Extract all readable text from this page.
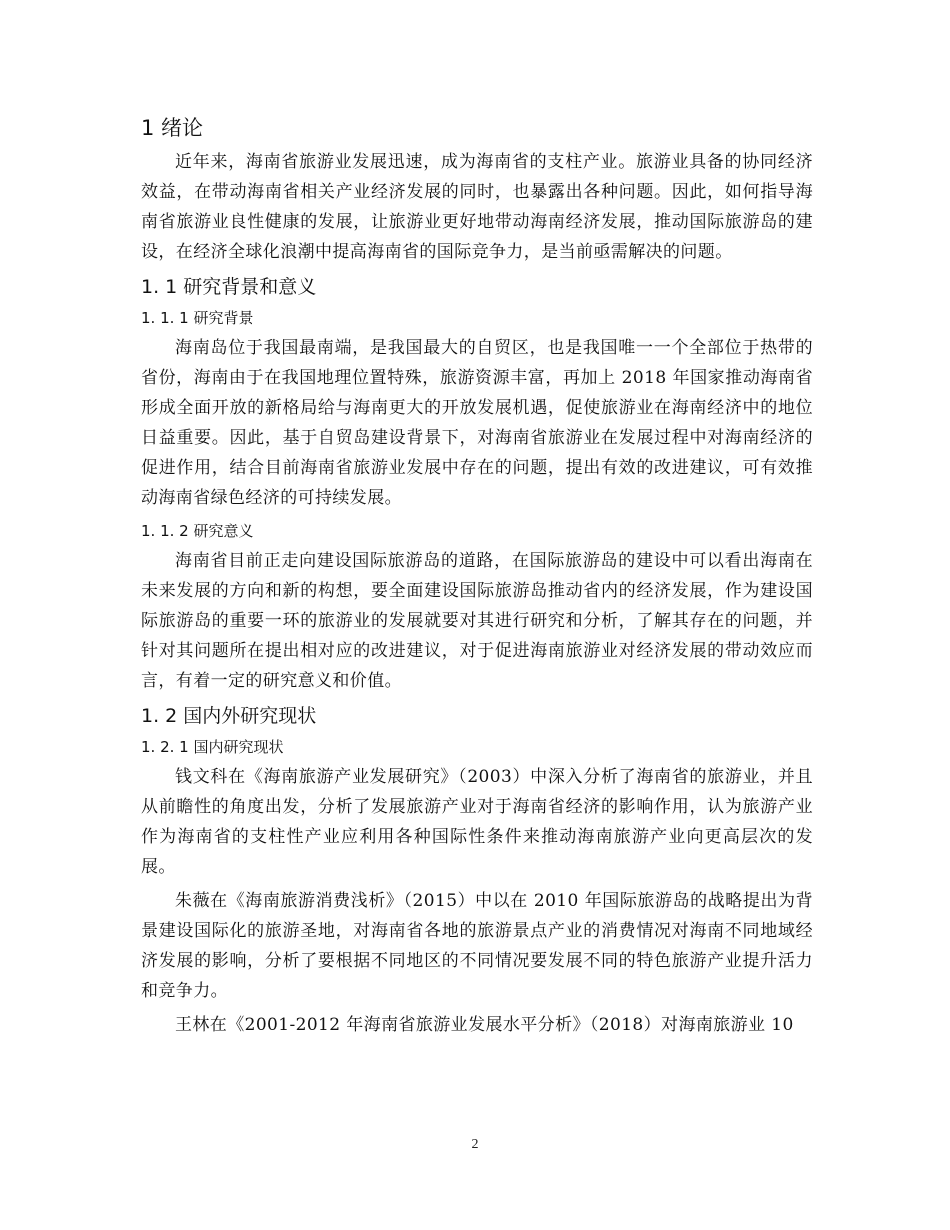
1 绪论

近年来，海南省旅游业发展迅速，成为海南省的支柱产业。旅游业具备的协同经济效益，在带动海南省相关产业经济发展的同时，也暴露出各种问题。因此，如何指导海南省旅游业良性健康的发展，让旅游业更好地带动海南经济发展，推动国际旅游岛的建设，在经济全球化浪潮中提高海南省的国际竞争力，是当前亟需解决的问题。

1. 1 研究背景和意义
1. 1. 1 研究背景

海南岛位于我国最南端，是我国最大的自贸区，也是我国唯一一个全部位于热带的省份，海南由于在我国地理位置特殊，旅游资源丰富，再加上 2018 年国家推动海南省形成全面开放的新格局给与海南更大的开放发展机遇，促使旅游业在海南经济中的地位日益重要。因此，基于自贸岛建设背景下，对海南省旅游业在发展过程中对海南经济的促进作用，结合目前海南省旅游业发展中存在的问题，提出有效的改进建议，可有效推动海南省绿色经济的可持续发展。

1. 1. 2 研究意义

海南省目前正走向建设国际旅游岛的道路，在国际旅游岛的建设中可以看出海南在未来发展的方向和新的构想，要全面建设国际旅游岛推动省内的经济发展，作为建设国际旅游岛的重要一环的旅游业的发展就要对其进行研究和分析，了解其存在的问题，并针对其问题所在提出相对应的改进建议，对于促进海南旅游业对经济发展的带动效应而言，有着一定的研究意义和价值。

1. 2 国内外研究现状
1. 2. 1 国内研究现状

钱文科在《海南旅游产业发展研究》（2003）中深入分析了海南省的旅游业，并且从前瞻性的角度出发，分析了发展旅游产业对于海南省经济的影响作用，认为旅游产业作为海南省的支柱性产业应利用各种国际性条件来推动海南旅游产业向更高层次的发展。

朱薇在《海南旅游消费浅析》（2015）中以在 2010 年国际旅游岛的战略提出为背景建设国际化的旅游圣地，对海南省各地的旅游景点产业的消费情况对海南不同地域经济发展的影响，分析了要根据不同地区的不同情况要发展不同的特色旅游产业提升活力和竞争力。

王林在《2001-2012 年海南省旅游业发展水平分析》（2018）对海南旅游业 10

2
